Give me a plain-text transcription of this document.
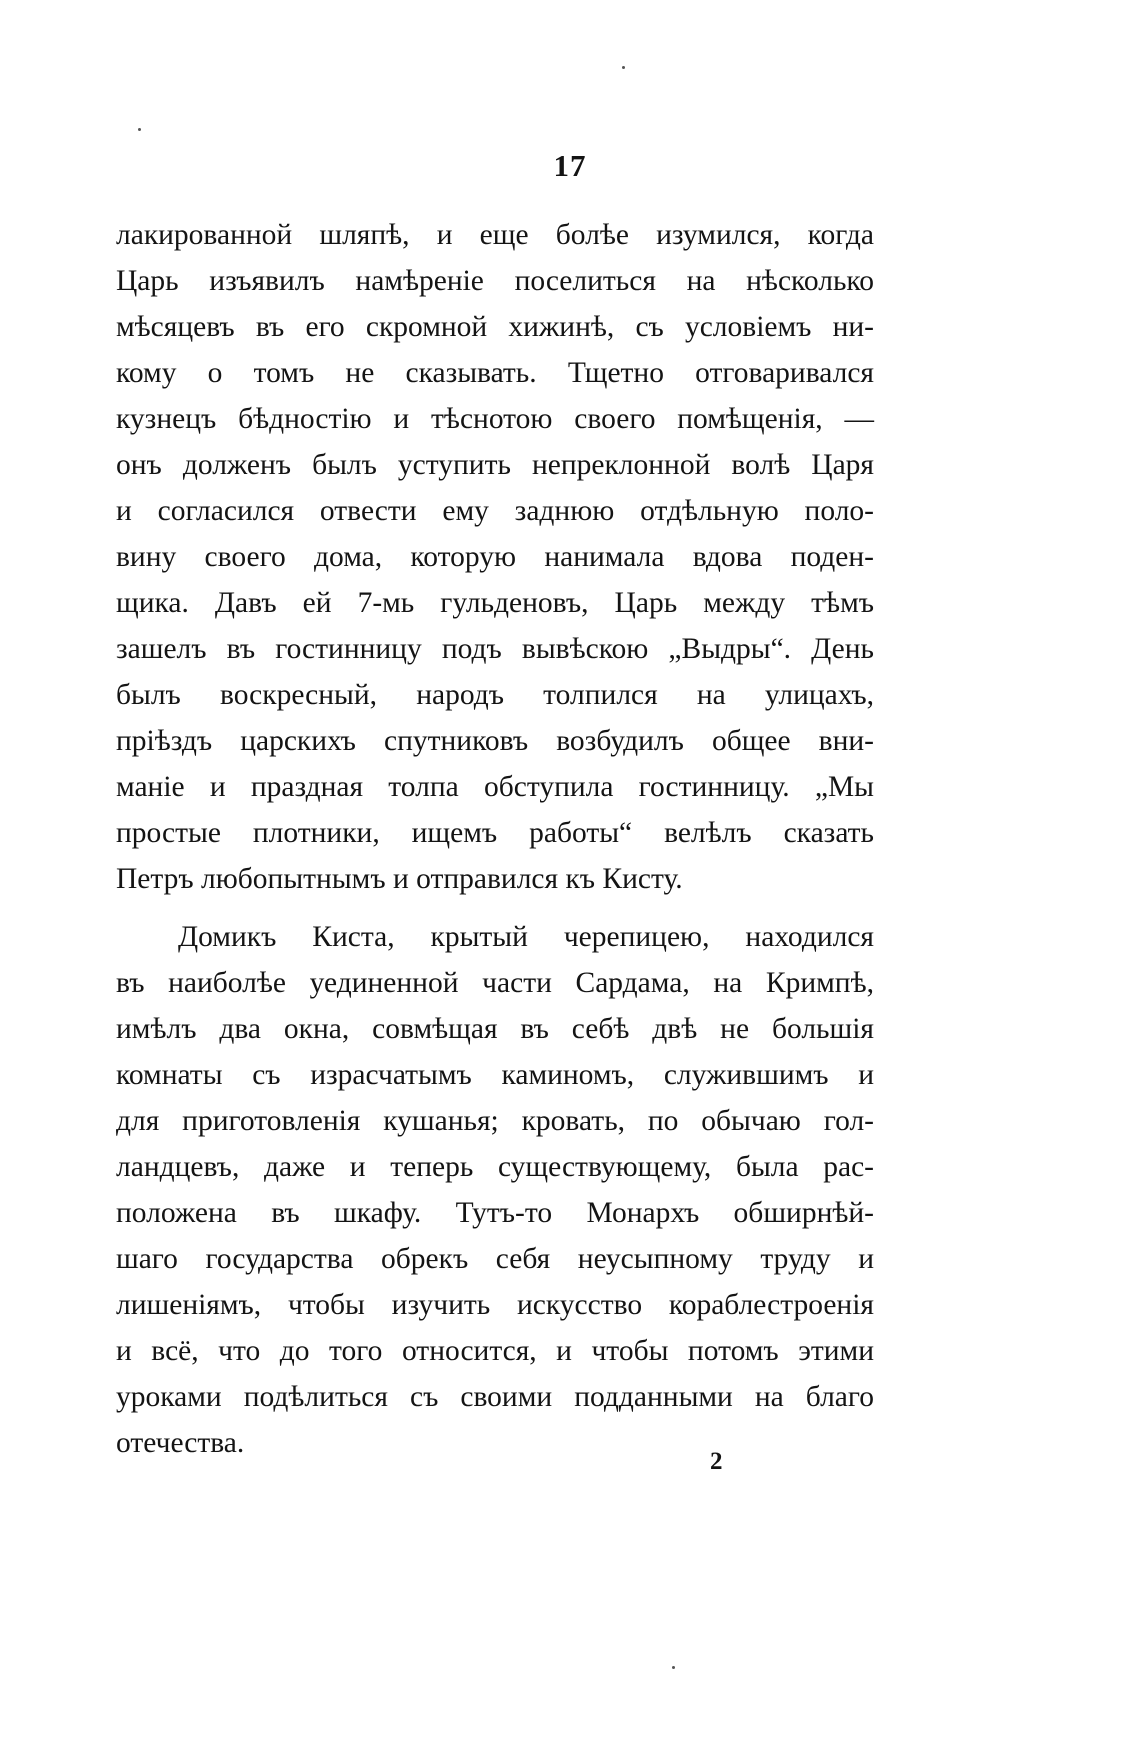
17
лакированной шляпѣ, и еще болѣе изумился, когда
Царь изъявилъ намѣреніе поселиться на нѣсколько
мѣсяцевъ въ его скромной хижинѣ, съ условіемъ ни-
кому о томъ не сказывать. Тщетно отговаривался
кузнецъ бѣдностію и тѣснотою своего помѣщенія, —
онъ долженъ былъ уступить непреклонной волѣ Царя
и согласился отвести ему заднюю отдѣльную поло-
вину своего дома, которую нанимала вдова поден-
щика. Давъ ей 7-мь гульденовъ, Царь между тѣмъ
зашелъ въ гостинницу подъ вывѣскою „Выдры“. День
былъ воскресный, народъ толпился на улицахъ,
пріѣздъ царскихъ спутниковъ возбудилъ общее вни-
маніе и праздная толпа обступила гостинницу. „Мы
простые плотники, ищемъ работы“ велѣлъ сказать
Петръ любопытнымъ и отправился къ Кисту.
Домикъ Киста, крытый черепицею, находился
въ наиболѣе уединенной части Сардама, на Кримпѣ,
имѣлъ два окна, совмѣщая въ себѣ двѣ не большія
комнаты съ израсчатымъ каминомъ, служившимъ и
для приготовленія кушанья; кровать, по обычаю гол-
ландцевъ, даже и теперь существующему, была рас-
положена въ шкафу. Тутъ-то Монархъ обширнѣй-
шаго государства обрекъ себя неусыпному труду и
лишеніямъ, чтобы изучить искусство кораблестроенія
и всё, что до того относится, и чтобы потомъ этими
уроками подѣлиться съ своими подданными на благо
отечества.
2
